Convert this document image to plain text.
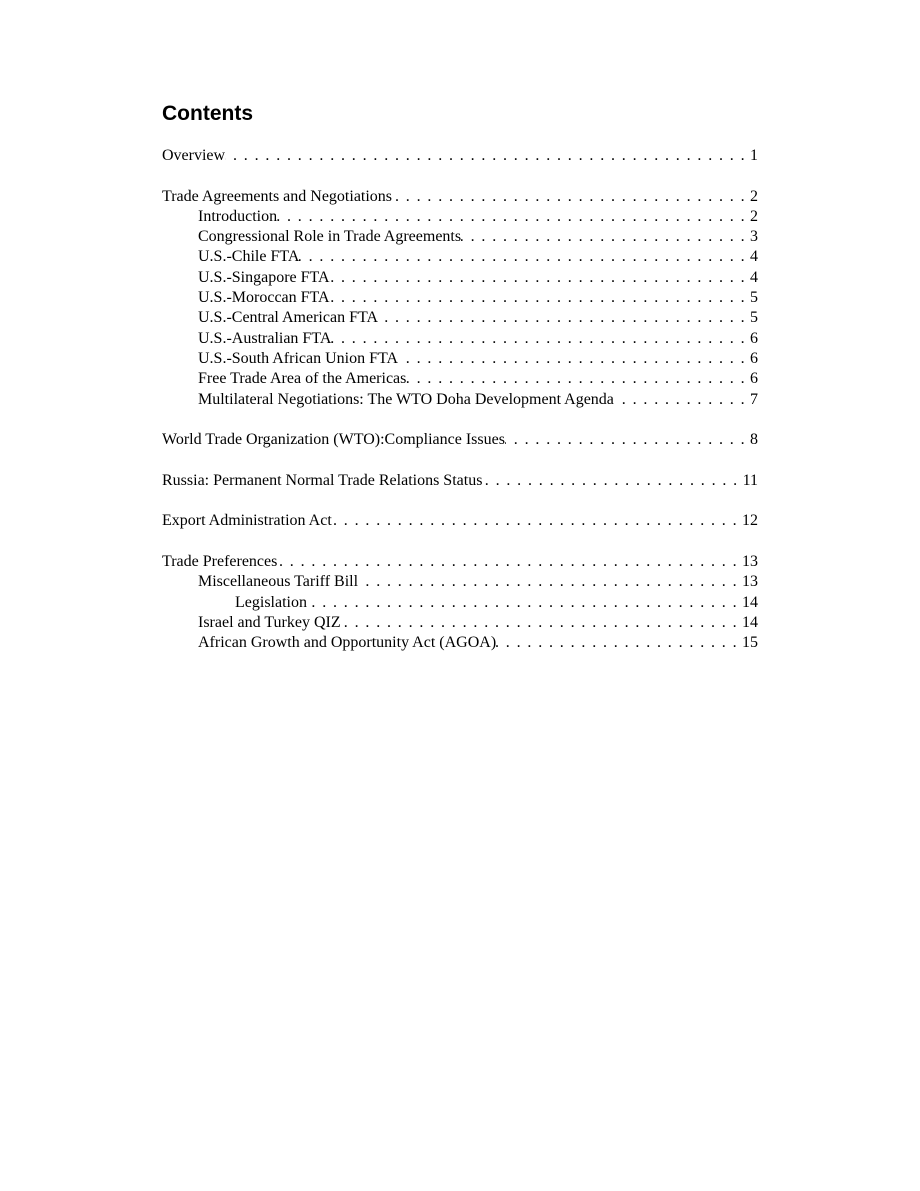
Contents
Overview . . .	1
Trade Agreements and Negotiations . . .	2
Introduction . . .	2
Congressional Role in Trade Agreements . . .	3
U.S.-Chile FTA . . .	4
U.S.-Singapore FTA . . .	4
U.S.-Moroccan FTA . . .	5
U.S.-Central American FTA . . .	5
U.S.-Australian FTA . . .	6
U.S.-South African Union FTA . . .	6
Free Trade Area of the Americas . . .	6
Multilateral Negotiations: The WTO Doha Development Agenda . . .	7
World Trade Organization (WTO):Compliance Issues . . .	8
Russia: Permanent Normal Trade Relations Status . . .	11
Export Administration Act . . .	12
Trade Preferences . . .	13
Miscellaneous Tariff Bill . . .	13
Legislation . . .	14
Israel and Turkey QIZ . . .	14
African Growth and Opportunity Act (AGOA) . . .	15
